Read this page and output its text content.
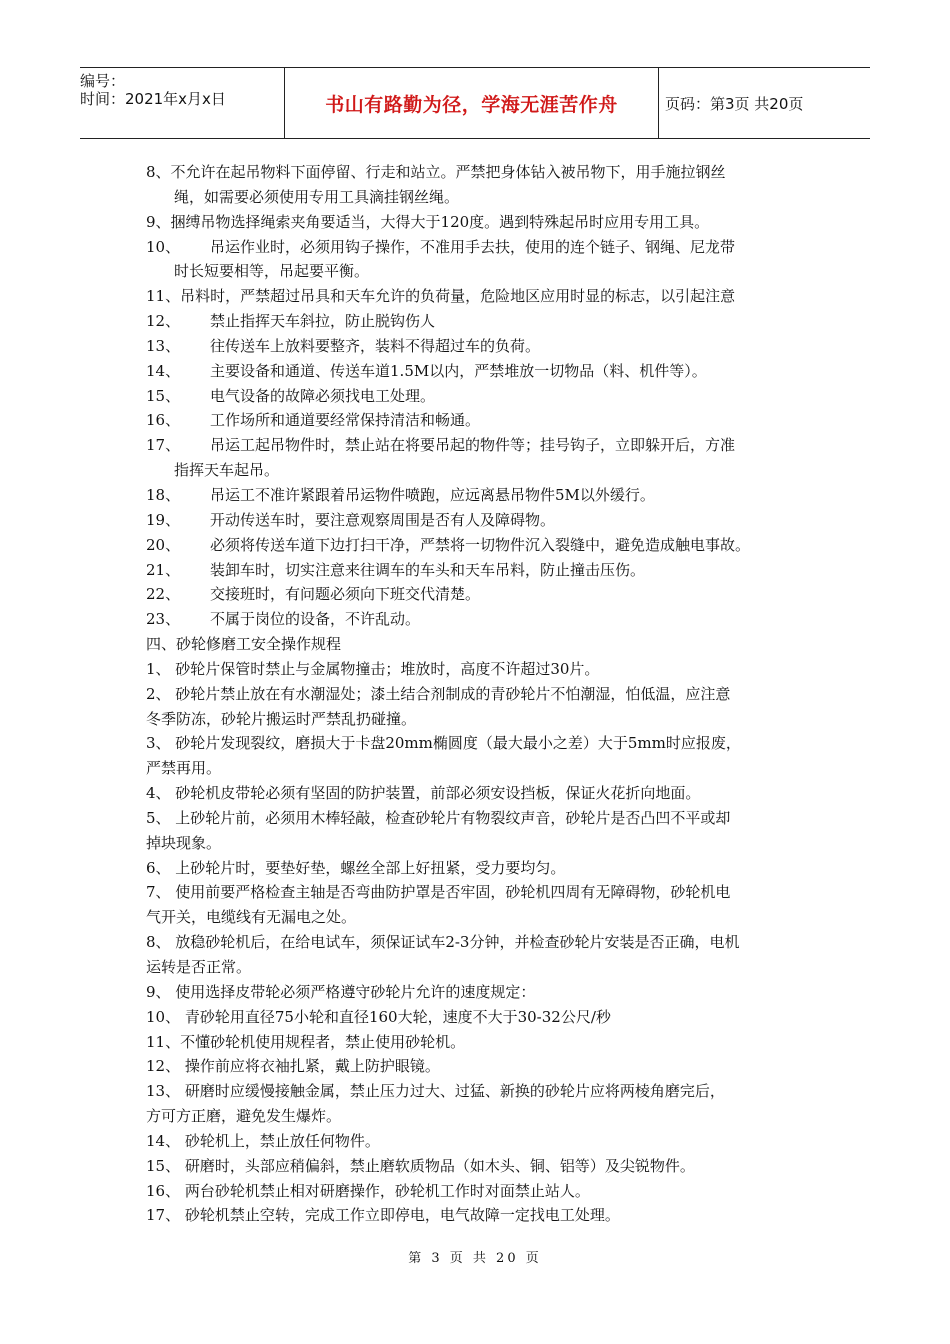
编号：
时间：2021年x月x日	书山有路勤为径，学海无涯苦作舟	页码：第3页 共20页
8、不允许在起吊物料下面停留、行走和站立。严禁把身体钻入被吊物下，用手施拉钢丝
绳，如需要必须使用专用工具滴挂钢丝绳。
9、捆缚吊物选择绳索夹角要适当，大得大于120度。遇到特殊起吊时应用专用工具。
10、 吊运作业时，必须用钩子操作，不准用手去扶，使用的连个链子、钢绳、尼龙带
时长短要相等，吊起要平衡。
11、吊料时，严禁超过吊具和天车允许的负荷量，危险地区应用时显的标志，以引起注意
12、 禁止指挥天车斜拉，防止脱钩伤人
13、 往传送车上放料要整齐，装料不得超过车的负荷。
14、 主要设备和通道、传送车道1.5M以内，严禁堆放一切物品（料、机件等）。
15、 电气设备的故障必须找电工处理。
16、 工作场所和通道要经常保持清洁和畅通。
17、 吊运工起吊物件时，禁止站在将要吊起的物件等；挂号钩子，立即躲开后，方准
指挥天车起吊。
18、 吊运工不准许紧跟着吊运物件喷跑，应远离悬吊物件5M以外缓行。
19、 开动传送车时，要注意观察周围是否有人及障碍物。
20、 必须将传送车道下边打扫干净，严禁将一切物件沉入裂缝中，避免造成触电事故。
21、 装卸车时，切实注意来往调车的车头和天车吊料，防止撞击压伤。
22、 交接班时，有问题必须向下班交代清楚。
23、 不属于岗位的设备，不许乱动。
四、砂轮修磨工安全操作规程
1、 砂轮片保管时禁止与金属物撞击；堆放时，高度不许超过30片。
2、 砂轮片禁止放在有水潮湿处；漆土结合剂制成的青砂轮片不怕潮湿，怕低温，应注意
冬季防冻，砂轮片搬运时严禁乱扔碰撞。
3、 砂轮片发现裂纹，磨损大于卡盘20mm椭圆度（最大最小之差）大于5mm时应报废，
严禁再用。
4、 砂轮机皮带轮必须有坚固的防护装置，前部必须安设挡板，保证火花折向地面。
5、 上砂轮片前，必须用木棒轻敲，检查砂轮片有物裂纹声音，砂轮片是否凸凹不平或却
掉块现象。
6、 上砂轮片时，要垫好垫，螺丝全部上好扭紧，受力要均匀。
7、 使用前要严格检查主轴是否弯曲防护罩是否牢固，砂轮机四周有无障碍物，砂轮机电
气开关，电缆线有无漏电之处。
8、 放稳砂轮机后，在给电试车，须保证试车2-3分钟，并检查砂轮片安装是否正确，电机
运转是否正常。
9、 使用选择皮带轮必须严格遵守砂轮片允许的速度规定：
10、 青砂轮用直径75小轮和直径160大轮，速度不大于30-32公尺/秒
11、不懂砂轮机使用规程者，禁止使用砂轮机。
12、 操作前应将衣袖扎紧，戴上防护眼镜。
13、 研磨时应缓慢接触金属，禁止压力过大、过猛、新换的砂轮片应将两棱角磨完后，
方可方正磨，避免发生爆炸。
14、 砂轮机上，禁止放任何物件。
15、 研磨时，头部应稍偏斜，禁止磨软质物品（如木头、铜、铝等）及尖锐物件。
16、 两台砂轮机禁止相对研磨操作，砂轮机工作时对面禁止站人。
17、 砂轮机禁止空转，完成工作立即停电，电气故障一定找电工处理。
第 3 页 共 20 页
